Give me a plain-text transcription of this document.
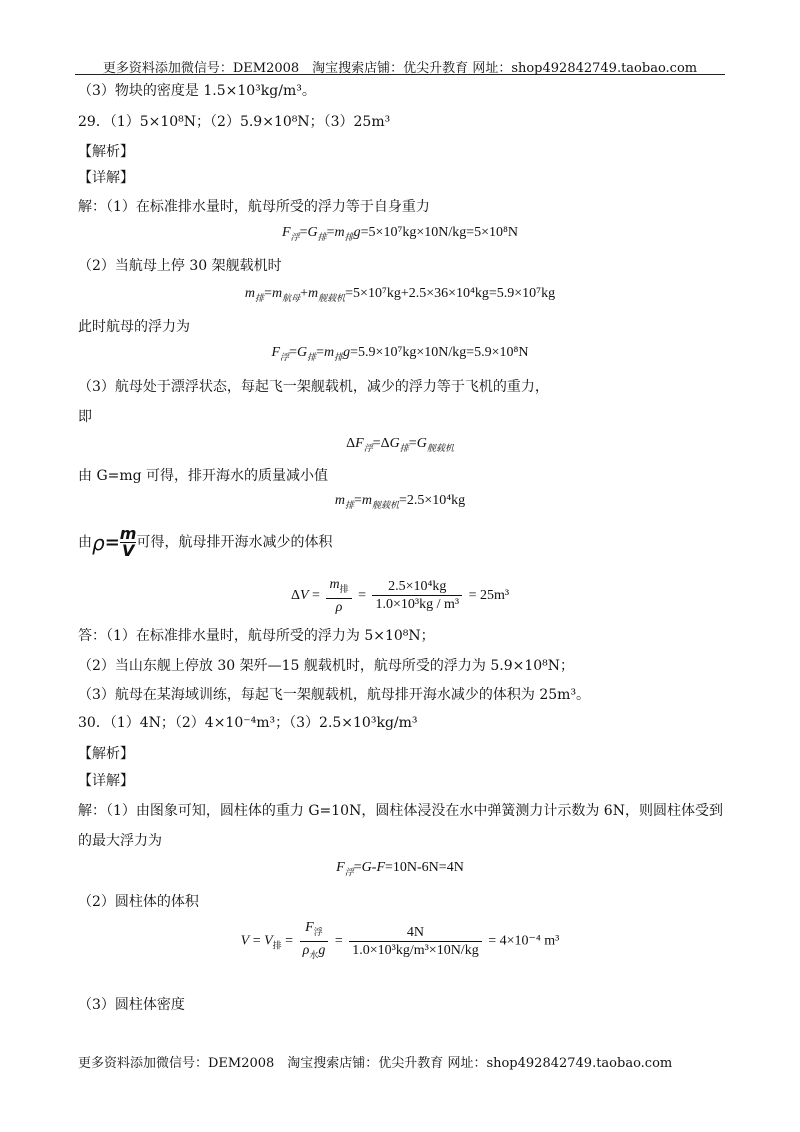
更多资料添加微信号：DEM2008　淘宝搜索店铺：优尖升教育 网址：shop492842749.taobao.com
（3）物块的密度是 1.5×10³kg/m³。
29．（1）5×10⁸N；（2）5.9×10⁸N；（3）25m³
【解析】
【详解】
解：（1）在标准排水量时，航母所受的浮力等于自身重力
$F_浮=G_排=m_排g=5\times 10^7kg\times 10N/kg=5\times 10^8N$
（2）当航母上停 30 架舰载机时
$m_排=m_{航母}+m_{舰载机}=5\times 10^7kg+2.5\times 36\times 10^4kg=5.9\times 10^7kg$
此时航母的浮力为
$F_浮=G_排=m_排g=5.9\times 10^7kg\times 10N/kg=5.9\times 10^8N$
（3）航母处于漂浮状态，每起飞一架舰载机，减少的浮力等于飞机的重力，
即
$\Delta F_浮=\Delta G_排=G_{舰载机}$
由 G=mg 可得，排开海水的质量减小值
$m_排=m_{舰载机}=2.5\times 10^4kg$
由$\rho= \frac{m}{V}$ 可得，航母排开海水减少的体积
$\Delta V = \frac{m_排}{\rho} = \frac{\text{2.5×10⁴kg}}{\text{1.0×10³kg / m³}} = 25m^3$
答：（1）在标准排水量时，航母所受的浮力为 5×10⁸N；
（2）当山东舰上停放 30 架歼—15 舰载机时，航母所受的浮力为 5.9×10⁸N；
（3）航母在某海域训练，每起飞一架舰载机，航母排开海水减少的体积为 25m³。
30．（1）4N；（2）4×10⁻⁴m³；（3）2.5×10³kg/m³
【解析】
【详解】
解：（1）由图象可知，圆柱体的重力 G=10N，圆柱体浸没在水中弹簧测力计示数为 6N，则圆柱体受到
的最大浮力为
$F_浮=G-F=10N-6N=4N$
（2）圆柱体的体积
$V = V_排 = \frac{F_浮}{\rho_水g} = \frac{4N}{\text{1.0×10³kg/m³×10N/kg}} = 4\times 10^{-4}$ m³
（3）圆柱体密度
更多资料添加微信号：DEM2008　淘宝搜索店铺：优尖升教育 网址：shop492842749.taobao.com
